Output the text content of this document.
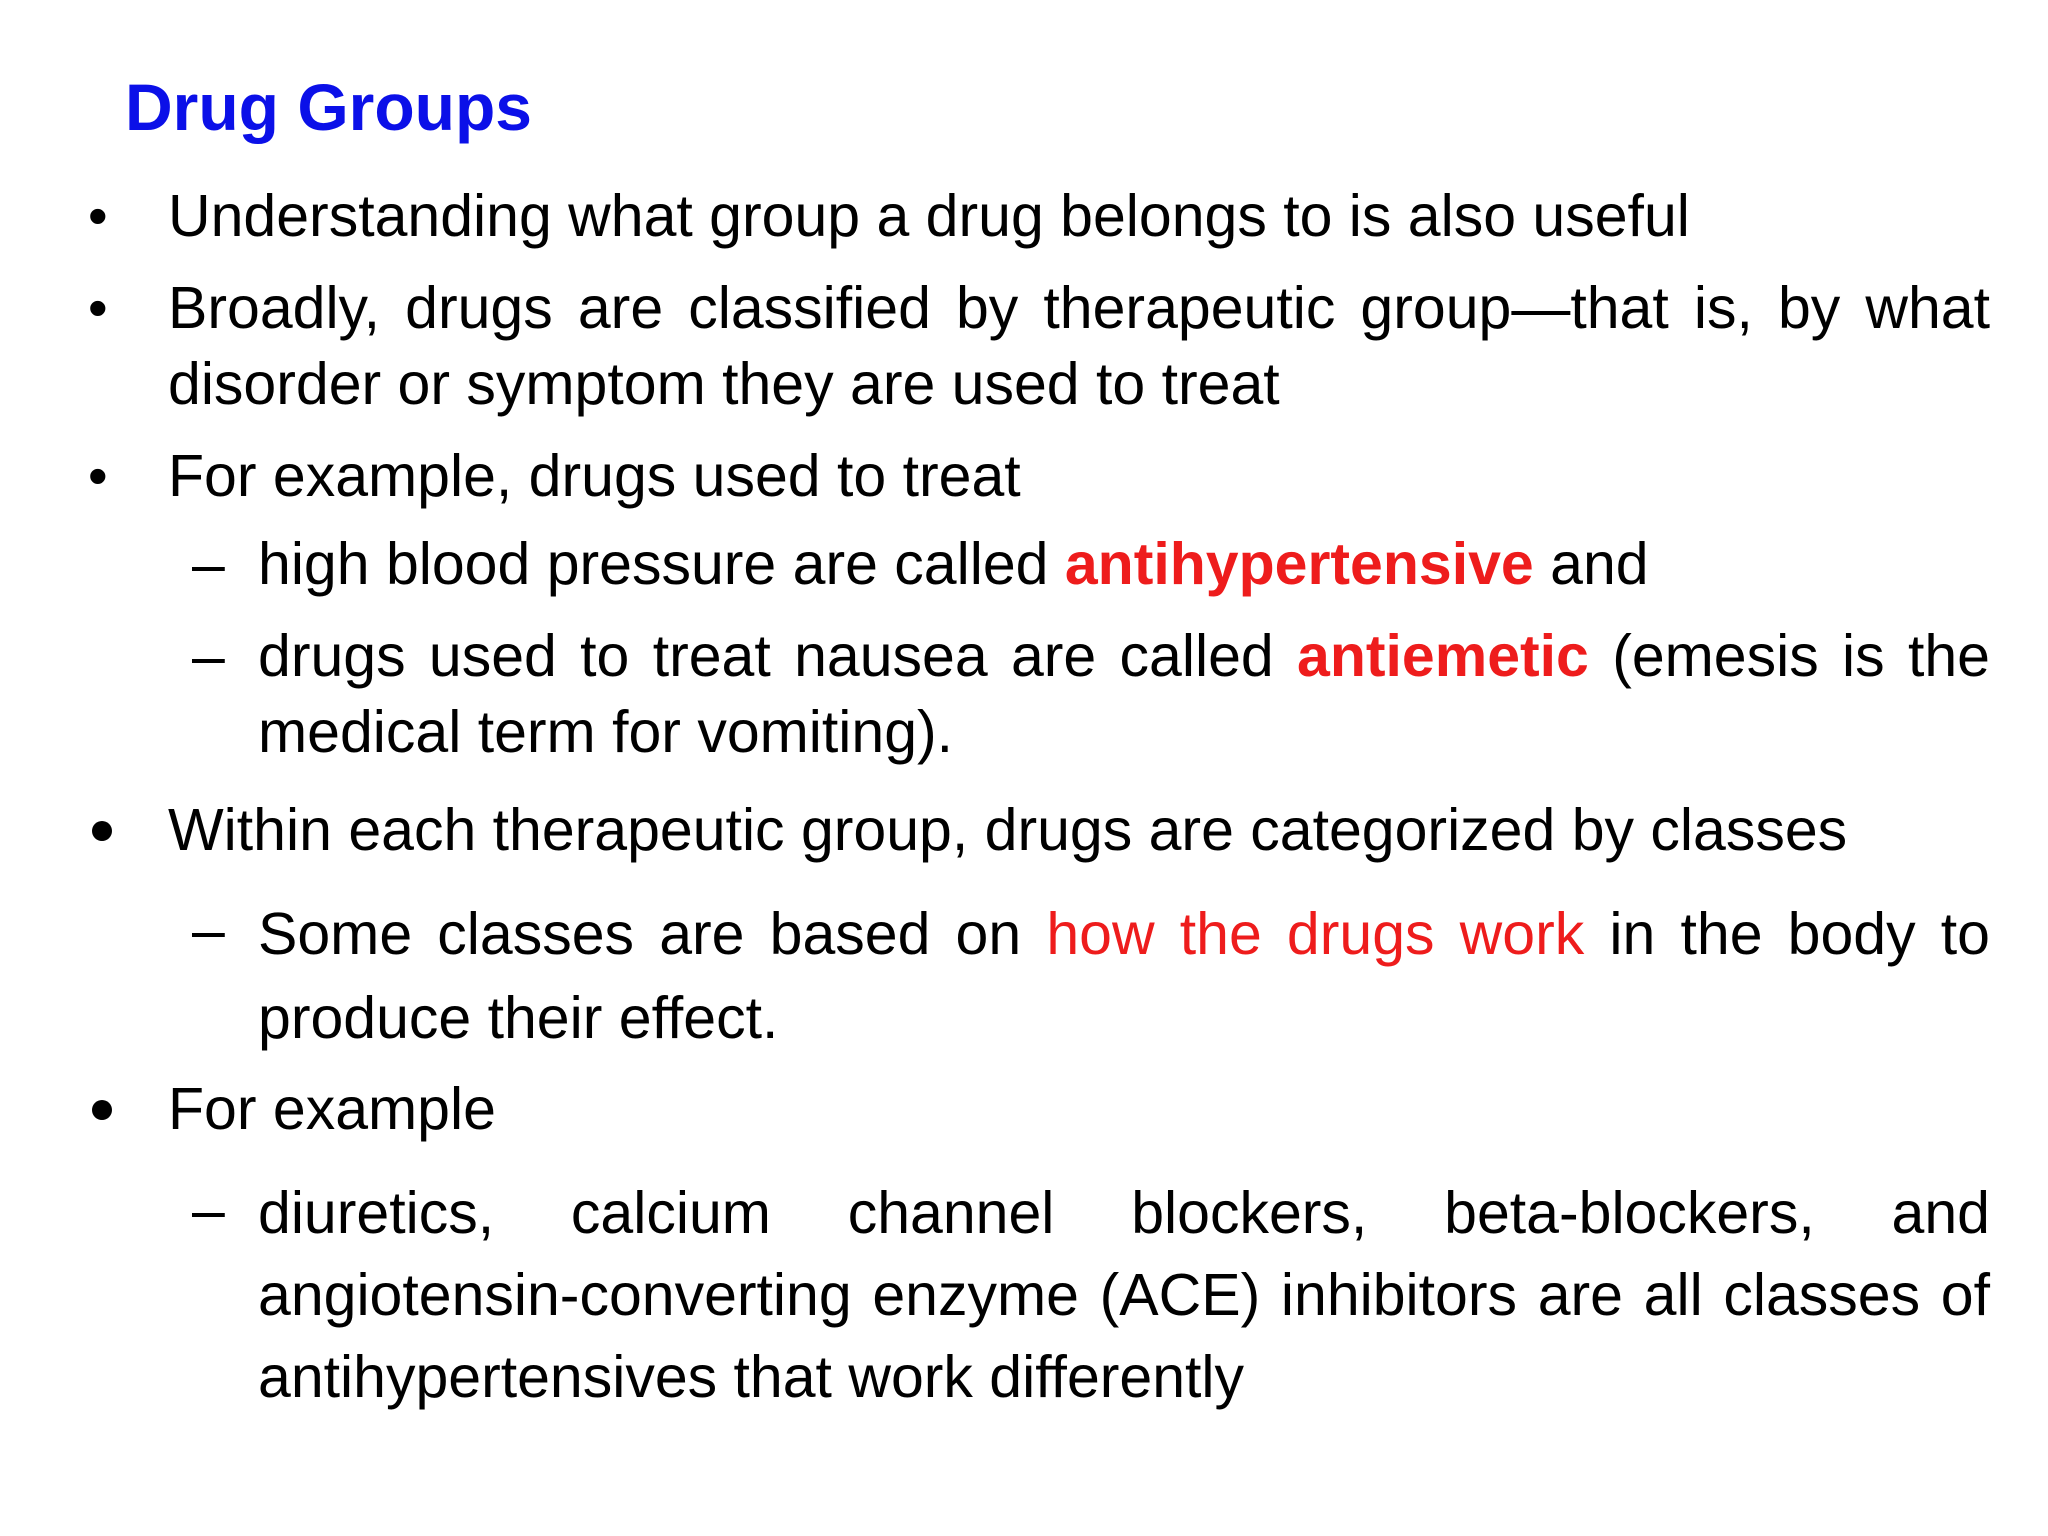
Drug Groups
• Understanding what group a drug belongs to is also useful
• Broadly, drugs are classified by therapeutic group—that is, by what disorder or symptom they are used to treat
• For example, drugs used to treat
– high blood pressure are called antihypertensive and
– drugs used to treat nausea are called antiemetic (emesis is the medical term for vomiting).
Within each therapeutic group, drugs are categorized by classes
– Some classes are based on how the drugs work in the body to produce their effect.
For example
– diuretics, calcium channel blockers, beta-blockers, and angiotensin-converting enzyme (ACE) inhibitors are all classes of antihypertensives that work differently
